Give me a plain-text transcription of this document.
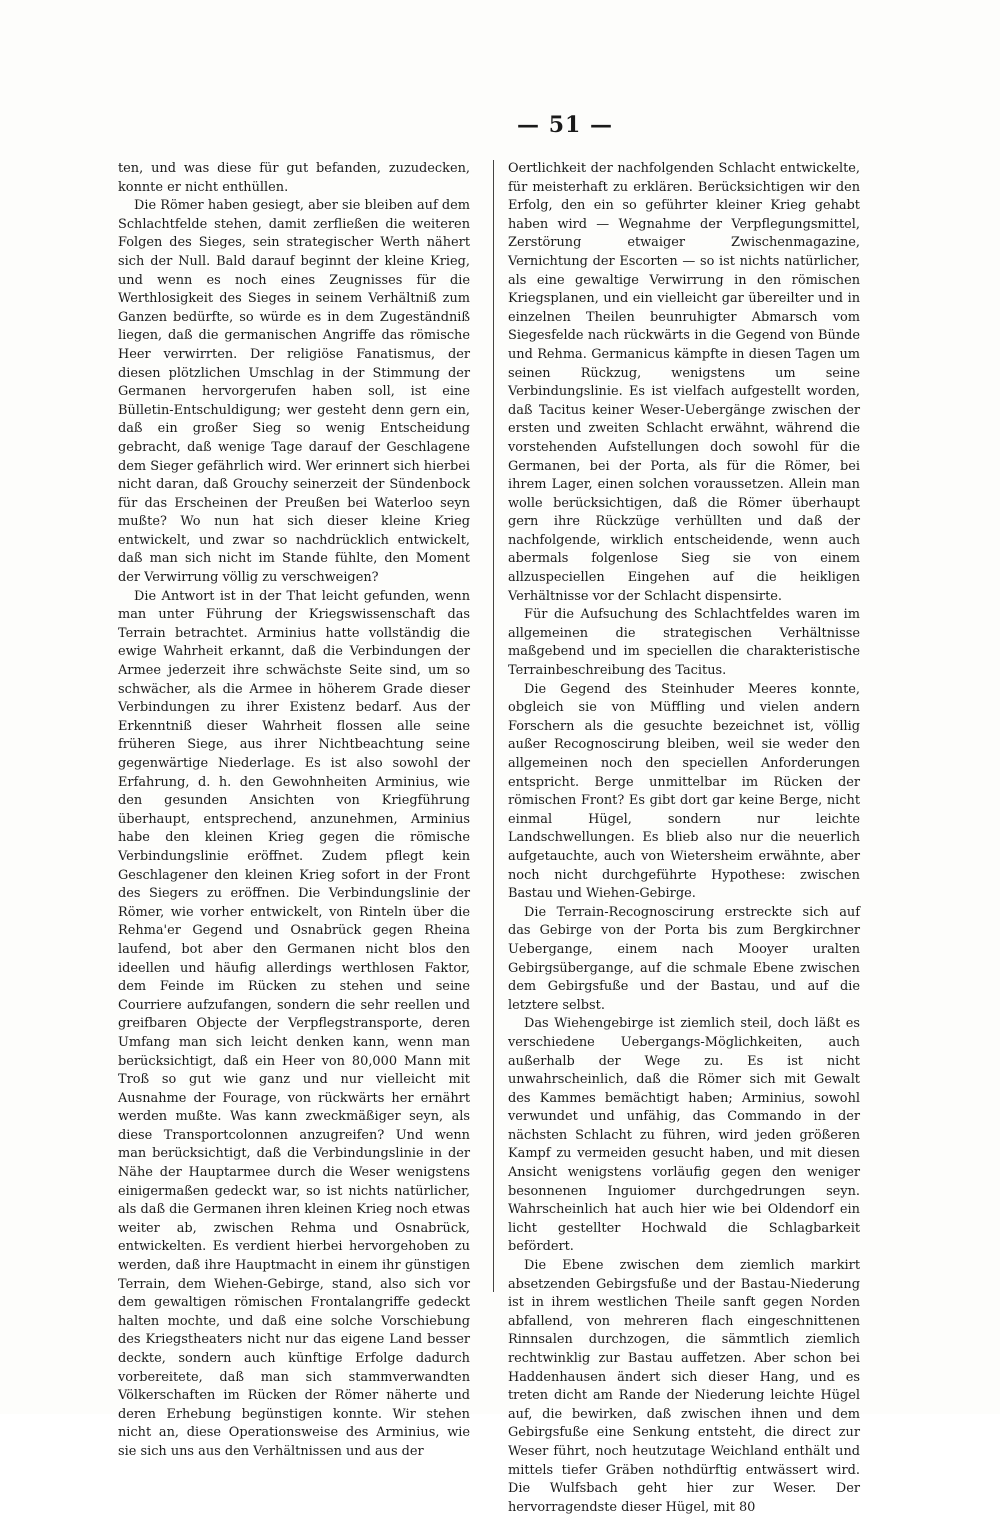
— 51 —

ten, und was diese für gut befanden, zuzudecken, konnte er nicht enthüllen.

Die Römer haben gesiegt, aber sie bleiben auf dem Schlachtfelde stehen, damit zerfließen die weiteren Folgen des Sieges, sein strategischer Werth nähert sich der Null. Bald darauf beginnt der kleine Krieg, und wenn es noch eines Zeugnisses für die Werthlosigkeit des Sieges in seinem Verhältniß zum Ganzen bedürfte, so würde es in dem Zugeständniß liegen, daß die germanischen Angriffe das römische Heer verwirrten. Der religiöse Fanatismus, der diesen plötzlichen Umschlag in der Stimmung der Germanen hervorgerufen haben soll, ist eine Bülletin-Entschuldigung; wer gesteht denn gern ein, daß ein großer Sieg so wenig Entscheidung gebracht, daß wenige Tage darauf der Geschlagene dem Sieger gefährlich wird. Wer erinnert sich hierbei nicht daran, daß Grouchy seinerzeit der Sündenbock für das Erscheinen der Preußen bei Waterloo seyn mußte? Wo nun hat sich dieser kleine Krieg entwickelt, und zwar so nachdrücklich entwickelt, daß man sich nicht im Stande fühlte, den Moment der Verwirrung völlig zu verschweigen?

Die Antwort ist in der That leicht gefunden, wenn man unter Führung der Kriegswissenschaft das Terrain betrachtet. Arminius hatte vollständig die ewige Wahrheit erkannt, daß die Verbindungen der Armee jederzeit ihre schwächste Seite sind, um so schwächer, als die Armee in höherem Grade dieser Verbindungen zu ihrer Existenz bedarf. Aus der Erkenntniß dieser Wahrheit flossen alle seine früheren Siege, aus ihrer Nichtbeachtung seine gegenwärtige Niederlage. Es ist also sowohl der Erfahrung, d. h. den Gewohnheiten Arminius, wie den gesunden Ansichten von Kriegführung überhaupt, entsprechend, anzunehmen, Arminius habe den kleinen Krieg gegen die römische Verbindungslinie eröffnet. Zudem pflegt kein Geschlagener den kleinen Krieg sofort in der Front des Siegers zu eröffnen. Die Verbindungslinie der Römer, wie vorher entwickelt, von Rinteln über die Rehma'er Gegend und Osnabrück gegen Rheina laufend, bot aber den Germanen nicht blos den ideellen und häufig allerdings werthlosen Faktor, dem Feinde im Rücken zu stehen und seine Courriere aufzufangen, sondern die sehr reellen und greifbaren Objecte der Verpflegstransporte, deren Umfang man sich leicht denken kann, wenn man berücksichtigt, daß ein Heer von 80,000 Mann mit Troß so gut wie ganz und nur vielleicht mit Ausnahme der Fourage, von rückwärts her ernährt werden mußte. Was kann zweckmäßiger seyn, als diese Transportcolonnen anzugreifen? Und wenn man berücksichtigt, daß die Verbindungslinie in der Nähe der Hauptarmee durch die Weser wenigstens einigermaßen gedeckt war, so ist nichts natürlicher, als daß die Germanen ihren kleinen Krieg noch etwas weiter ab, zwischen Rehma und Osnabrück, entwickelten. Es verdient hierbei hervorgehoben zu werden, daß ihre Hauptmacht in einem ihr günstigen Terrain, dem Wiehen-Gebirge, stand, also sich vor dem gewaltigen römischen Frontalangriffe gedeckt halten mochte, und daß eine solche Vorschiebung des Kriegstheaters nicht nur das eigene Land besser deckte, sondern auch künftige Erfolge dadurch vorbereitete, daß man sich stammverwandten Völkerschaften im Rücken der Römer näherte und deren Erhebung begünstigen konnte. Wir stehen nicht an, diese Operationsweise des Arminius, wie sie sich uns aus den Verhältnissen und aus der

Oertlichkeit der nachfolgenden Schlacht entwickelte, für meisterhaft zu erklären. Berücksichtigen wir den Erfolg, den ein so geführter kleiner Krieg gehabt haben wird — Wegnahme der Verpflegungsmittel, Zerstörung etwaiger Zwischenmagazine, Vernichtung der Escorten — so ist nichts natürlicher, als eine gewaltige Verwirrung in den römischen Kriegsplanen, und ein vielleicht gar übereilter und in einzelnen Theilen beunruhigter Abmarsch vom Siegesfelde nach rückwärts in die Gegend von Bünde und Rehma. Germanicus kämpfte in diesen Tagen um seinen Rückzug, wenigstens um seine Verbindungslinie. Es ist vielfach aufgestellt worden, daß Tacitus keiner Weser-Uebergänge zwischen der ersten und zweiten Schlacht erwähnt, während die vorstehenden Aufstellungen doch sowohl für die Germanen, bei der Porta, als für die Römer, bei ihrem Lager, einen solchen voraussetzen. Allein man wolle berücksichtigen, daß die Römer überhaupt gern ihre Rückzüge verhüllten und daß der nachfolgende, wirklich entscheidende, wenn auch abermals folgenlose Sieg sie von einem allzuspeciellen Eingehen auf die heikligen Verhältnisse vor der Schlacht dispensirte.

Für die Aufsuchung des Schlachtfeldes waren im allgemeinen die strategischen Verhältnisse maßgebend und im speciellen die charakteristische Terrainbeschreibung des Tacitus.

Die Gegend des Steinhuder Meeres konnte, obgleich sie von Müffling und vielen andern Forschern als die gesuchte bezeichnet ist, völlig außer Recognoscirung bleiben, weil sie weder den allgemeinen noch den speciellen Anforderungen entspricht. Berge unmittelbar im Rücken der römischen Front? Es gibt dort gar keine Berge, nicht einmal Hügel, sondern nur leichte Landschwellungen. Es blieb also nur die neuerlich aufgetauchte, auch von Wietersheim erwähnte, aber noch nicht durchgeführte Hypothese: zwischen Bastau und Wiehen-Gebirge.

Die Terrain-Recognoscirung erstreckte sich auf das Gebirge von der Porta bis zum Bergkirchner Uebergange, einem nach Mooyer uralten Gebirgsübergange, auf die schmale Ebene zwischen dem Gebirgsfuße und der Bastau, und auf die letztere selbst.

Das Wiehengebirge ist ziemlich steil, doch läßt es verschiedene Uebergangs-Möglichkeiten, auch außerhalb der Wege zu. Es ist nicht unwahrscheinlich, daß die Römer sich mit Gewalt des Kammes bemächtigt haben; Arminius, sowohl verwundet und unfähig, das Commando in der nächsten Schlacht zu führen, wird jeden größeren Kampf zu vermeiden gesucht haben, und mit diesen Ansicht wenigstens vorläufig gegen den weniger besonnenen Inguiomer durchgedrungen seyn. Wahrscheinlich hat auch hier wie bei Oldendorf ein licht gestellter Hochwald die Schlagbarkeit befördert.

Die Ebene zwischen dem ziemlich markirt absetzenden Gebirgsfuße und der Bastau-Niederung ist in ihrem westlichen Theile sanft gegen Norden abfallend, von mehreren flach eingeschnittenen Rinnsalen durchzogen, die sämmtlich ziemlich rechtwinklig zur Bastau auffetzen. Aber schon bei Haddenhausen ändert sich dieser Hang, und es treten dicht am Rande der Niederung leichte Hügel auf, die bewirken, daß zwischen ihnen und dem Gebirgsfuße eine Senkung entsteht, die direct zur Weser führt, noch heutzutage Weichland enthält und mittels tiefer Gräben nothdürftig entwässert wird. Die Wulfsbach geht hier zur Weser. Der hervorragendste dieser Hügel, mit 80
